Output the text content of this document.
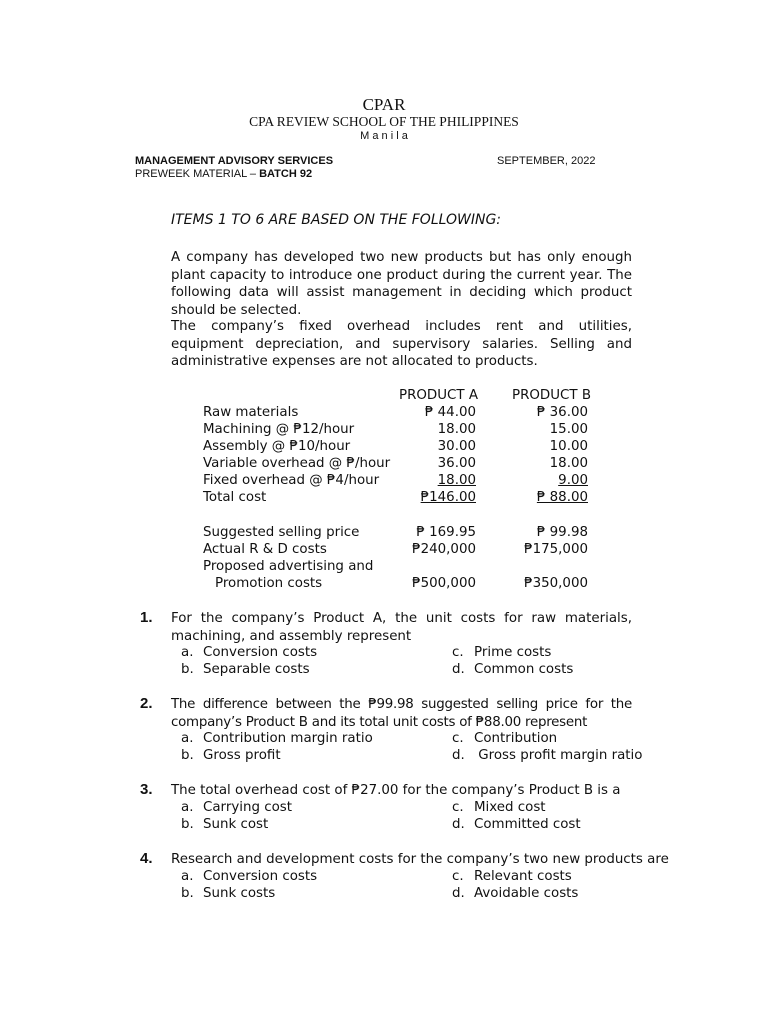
CPAR
CPA REVIEW SCHOOL OF THE PHILIPPINES
M a n i l a
MANAGEMENT ADVISORY SERVICES	SEPTEMBER, 2022
PREWEEK MATERIAL – BATCH 92
ITEMS 1 TO 6 ARE BASED ON THE FOLLOWING:
A company has developed two new products but has only enough plant capacity to introduce one product during the current year. The following data will assist management in deciding which product should be selected.
The company’s fixed overhead includes rent and utilities, equipment depreciation, and supervisory salaries. Selling and administrative expenses are not allocated to products.
PRODUCT A	PRODUCT B
Raw materials	₱ 44.00	₱ 36.00
Machining @ ₱12/hour	18.00	15.00
Assembly @ ₱10/hour	30.00	10.00
Variable overhead @ ₱/hour	36.00	18.00
Fixed overhead @ ₱4/hour	18.00	9.00
Total cost	₱146.00	₱ 88.00
Suggested selling price	₱ 169.95	₱ 99.98
Actual R & D costs	₱240,000	₱175,000
Proposed advertising and
Promotion costs	₱500,000	₱350,000
1. For the company’s Product A, the unit costs for raw materials, machining, and assembly represent
a. Conversion costs
b. Separable costs
c. Prime costs
d. Common costs
2. The difference between the ₱99.98 suggested selling price for the company’s Product B and its total unit costs of ₱88.00 represent
a. Contribution margin ratio
b. Gross profit
c. Contribution
d. Gross profit margin ratio
3. The total overhead cost of ₱27.00 for the company’s Product B is a
a. Carrying cost
b. Sunk cost
c. Mixed cost
d. Committed cost
4. Research and development costs for the company’s two new products are
a. Conversion costs
b. Sunk costs
c. Relevant costs
d. Avoidable costs
